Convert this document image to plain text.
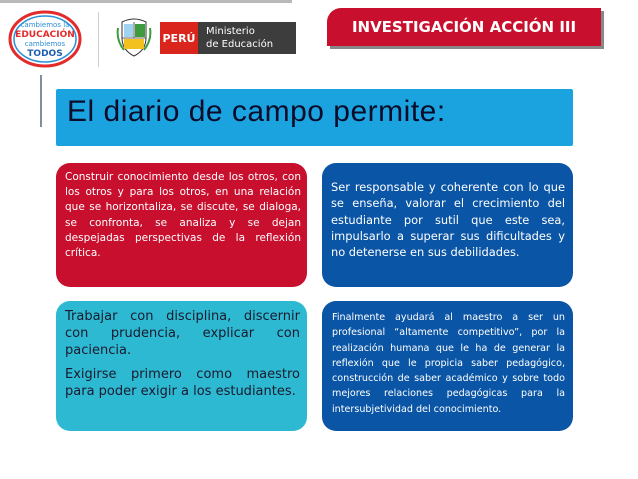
cambiemos la
EDUCACIÓN
cambiemos
TODOS
PERÚ Ministerio
de Educación
INVESTIGACIÓN ACCIÓN III
El diario de campo permite:
Construir conocimiento desde los otros, con los otros y para los otros, en una relación que se horizontaliza, se discute, se dialoga, se confronta, se analiza y se dejan despejadas perspectivas de la reflexión crítica.
Ser responsable y coherente con lo que se enseña, valorar el crecimiento del estudiante por sutil que este sea, impulsarlo a superar sus dificultades y no detenerse en sus debilidades.

Trabajar con disciplina, discernir con prudencia, explicar con paciencia.

Exigirse primero como maestro para poder exigir a los estudiantes.

Finalmente ayudará al maestro a ser un profesional “altamente competitivo”, por la realización humana que le ha de generar la reflexión que le propicia saber pedagógico, construcción de saber académico y sobre todo mejores relaciones pedagógicas para la intersubjetividad del conocimiento.
